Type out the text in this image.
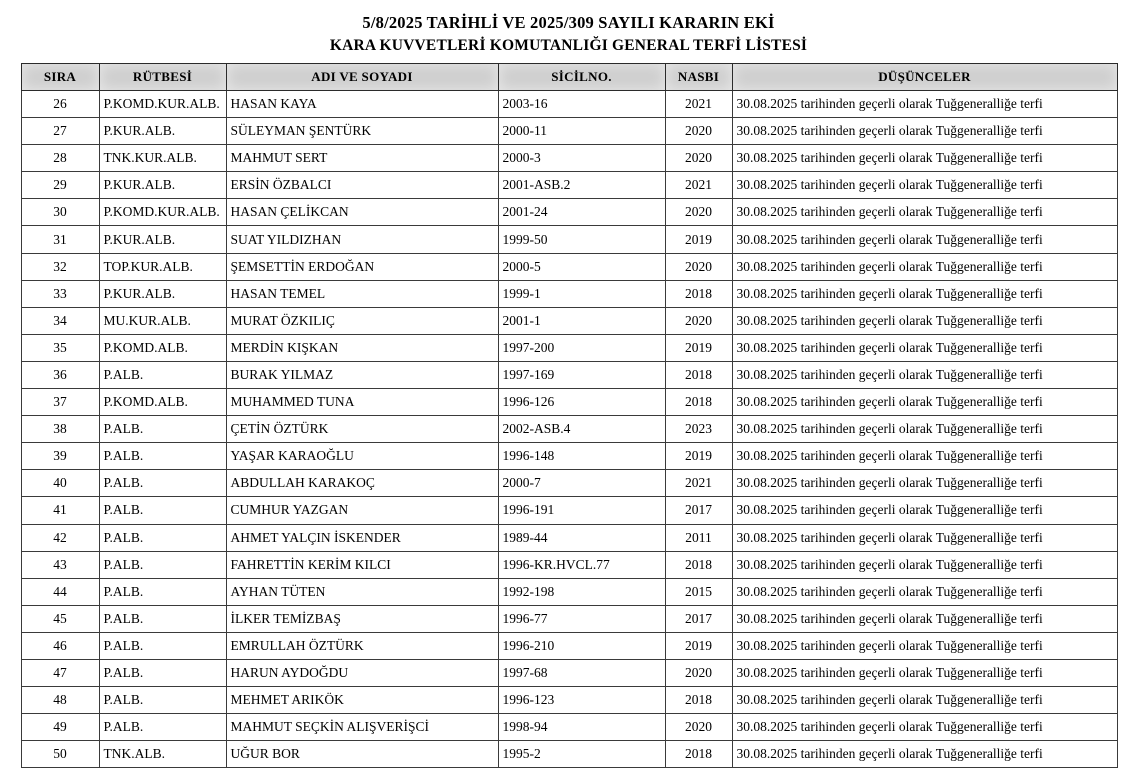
5/8/2025 TARİHLİ VE 2025/309 SAYILI KARARIN EKİ
KARA KUVVETLERİ KOMUTANLIĞI GENERAL TERFİ LİSTESİ
SIRA	RÜTBESİ	ADI VE SOYADI	SİCİLNO.	NASBI	DÜŞÜNCELER
26	P.KOMD.KUR.ALB.	HASAN KAYA	2003-16	2021	30.08.2025 tarihinden geçerli olarak Tuğgeneralliğe terfi
27	P.KUR.ALB.	SÜLEYMAN ŞENTÜRK	2000-11	2020	30.08.2025 tarihinden geçerli olarak Tuğgeneralliğe terfi
28	TNK.KUR.ALB.	MAHMUT SERT	2000-3	2020	30.08.2025 tarihinden geçerli olarak Tuğgeneralliğe terfi
29	P.KUR.ALB.	ERSİN ÖZBALCI	2001-ASB.2	2021	30.08.2025 tarihinden geçerli olarak Tuğgeneralliğe terfi
30	P.KOMD.KUR.ALB.	HASAN ÇELİKCAN	2001-24	2020	30.08.2025 tarihinden geçerli olarak Tuğgeneralliğe terfi
31	P.KUR.ALB.	SUAT YILDIZHAN	1999-50	2019	30.08.2025 tarihinden geçerli olarak Tuğgeneralliğe terfi
32	TOP.KUR.ALB.	ŞEMSETTİN ERDOĞAN	2000-5	2020	30.08.2025 tarihinden geçerli olarak Tuğgeneralliğe terfi
33	P.KUR.ALB.	HASAN TEMEL	1999-1	2018	30.08.2025 tarihinden geçerli olarak Tuğgeneralliğe terfi
34	MU.KUR.ALB.	MURAT ÖZKILIÇ	2001-1	2020	30.08.2025 tarihinden geçerli olarak Tuğgeneralliğe terfi
35	P.KOMD.ALB.	MERDİN KIŞKAN	1997-200	2019	30.08.2025 tarihinden geçerli olarak Tuğgeneralliğe terfi
36	P.ALB.	BURAK YILMAZ	1997-169	2018	30.08.2025 tarihinden geçerli olarak Tuğgeneralliğe terfi
37	P.KOMD.ALB.	MUHAMMED TUNA	1996-126	2018	30.08.2025 tarihinden geçerli olarak Tuğgeneralliğe terfi
38	P.ALB.	ÇETİN ÖZTÜRK	2002-ASB.4	2023	30.08.2025 tarihinden geçerli olarak Tuğgeneralliğe terfi
39	P.ALB.	YAŞAR KARAOĞLU	1996-148	2019	30.08.2025 tarihinden geçerli olarak Tuğgeneralliğe terfi
40	P.ALB.	ABDULLAH KARAKOÇ	2000-7	2021	30.08.2025 tarihinden geçerli olarak Tuğgeneralliğe terfi
41	P.ALB.	CUMHUR YAZGAN	1996-191	2017	30.08.2025 tarihinden geçerli olarak Tuğgeneralliğe terfi
42	P.ALB.	AHMET YALÇIN İSKENDER	1989-44	2011	30.08.2025 tarihinden geçerli olarak Tuğgeneralliğe terfi
43	P.ALB.	FAHRETTİN KERİM KILCI	1996-KR.HVCL.77	2018	30.08.2025 tarihinden geçerli olarak Tuğgeneralliğe terfi
44	P.ALB.	AYHAN TÜTEN	1992-198	2015	30.08.2025 tarihinden geçerli olarak Tuğgeneralliğe terfi
45	P.ALB.	İLKER TEMİZBAŞ	1996-77	2017	30.08.2025 tarihinden geçerli olarak Tuğgeneralliğe terfi
46	P.ALB.	EMRULLAH ÖZTÜRK	1996-210	2019	30.08.2025 tarihinden geçerli olarak Tuğgeneralliğe terfi
47	P.ALB.	HARUN AYDOĞDU	1997-68	2020	30.08.2025 tarihinden geçerli olarak Tuğgeneralliğe terfi
48	P.ALB.	MEHMET ARIKÖK	1996-123	2018	30.08.2025 tarihinden geçerli olarak Tuğgeneralliğe terfi
49	P.ALB.	MAHMUT SEÇKİN ALIŞVERİŞCİ	1998-94	2020	30.08.2025 tarihinden geçerli olarak Tuğgeneralliğe terfi
50	TNK.ALB.	UĞUR BOR	1995-2	2018	30.08.2025 tarihinden geçerli olarak Tuğgeneralliğe terfi
